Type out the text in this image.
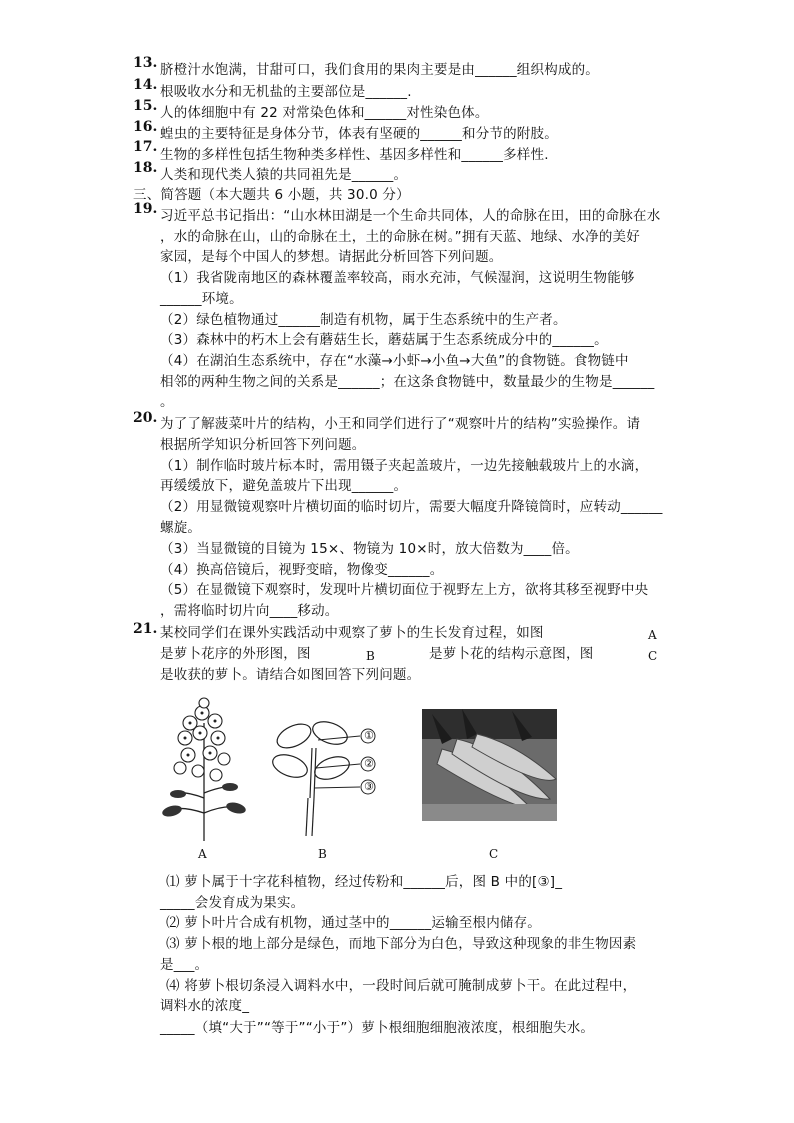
13. 脐橙汁水饱满，甘甜可口，我们食用的果肉主要是由______组织构成的。
14. 根吸收水分和无机盐的主要部位是______.
15. 人的体细胞中有 22 对常染色体和______对性染色体。
16. 蝗虫的主要特征是身体分节，体表有坚硬的______和分节的附肢。
17. 生物的多样性包括生物种类多样性、基因多样性和______多样性.
18. 人类和现代类人猿的共同祖先是______。
三、简答题（本大题共 6 小题，共 30.0 分）
19. 习近平总书记指出：“山水林田湖是一个生命共同体，人的命脉在田，田的命脉在水
，水的命脉在山，山的命脉在土，土的命脉在树。”拥有天蓝、地绿、水净的美好
家园，是每个中国人的梦想。请据此分析回答下列问题。
（1）我省陇南地区的森林覆盖率较高，雨水充沛，气候湿润，这说明生物能够
______环境。
（2）绿色植物通过______制造有机物，属于生态系统中的生产者。
（3）森林中的朽木上会有蘑菇生长，蘑菇属于生态系统成分中的______。
（4）在湖泊生态系统中，存在“水藻→小虾→小鱼→大鱼”的食物链。食物链中
相邻的两种生物之间的关系是______；在这条食物链中，数量最少的生物是______
。
20. 为了了解菠菜叶片的结构，小王和同学们进行了“观察叶片的结构”实验操作。请
根据所学知识分析回答下列问题。
（1）制作临时玻片标本时，需用镊子夹起盖玻片，一边先接触载玻片上的水滴，
再缓缓放下，避免盖玻片下出现______。
（2）用显微镜观察叶片横切面的临时切片，需要大幅度升降镜筒时，应转动______
螺旋。
（3）当显微镜的目镜为 15×、物镜为 10×时，放大倍数为____倍。
（4）换高倍镜后，视野变暗，物像变______。
（5）在显微镜下观察时，发现叶片横切面位于视野左上方，欲将其移至视野中央
，需将临时切片向____移动。
21. 某校同学们在课外实践活动中观察了萝卜的生长发育过程，如图	A
是萝卜花序的外形图，图	B	是萝卜花的结构示意图，图	C
是收获的萝卜。请结合如图回答下列问题。
A
①
②
③
B	C
⑴ 萝卜属于十字花科植物，经过传粉和______后，图 B 中的[③]_
_____会发育成为果实。
⑵ 萝卜叶片合成有机物，通过茎中的______运输至根内储存。
⑶ 萝卜根的地上部分是绿色，而地下部分为白色，导致这种现象的非生物因素
是___。
⑷ 将萝卜根切条浸入调料水中，一段时间后就可腌制成萝卜干。在此过程中，
调料水的浓度_
_____（填“大于”“等于”“小于”）萝卜根细胞细胞液浓度，根细胞失水。
